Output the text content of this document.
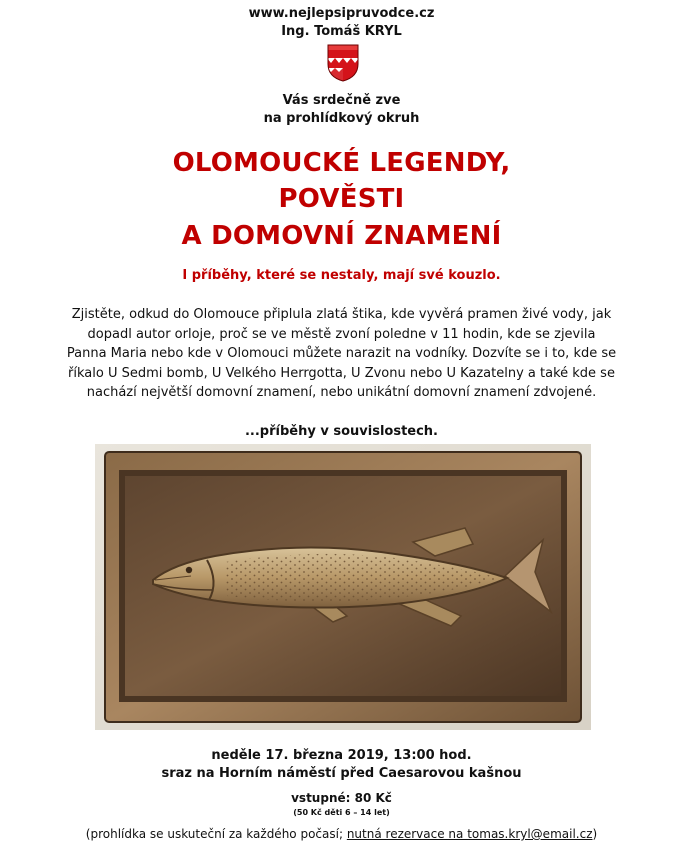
www.nejlepsipruvodce.cz
Ing. Tomáš KRYL
Vás srdečně zve
na prohlídkový okruh
OLOMOUCKÉ LEGENDY,
POVĚSTI
A DOMOVNÍ ZNAMENÍ
I příběhy, které se nestaly, mají své kouzlo.

Zjistěte, odkud do Olomouce připlula zlatá štika, kde vyvěrá pramen živé vody, jak dopadl autor orloje, proč se ve městě zvoní poledne v 11 hodin, kde se zjevila Panna Maria nebo kde v Olomouci můžete narazit na vodníky. Dozvíte se i to, kde se říkalo U Sedmi bomb, U Velkého Herrgotta, U Zvonu nebo U Kazatelny a také kde se nachází největší domovní znamení, nebo unikátní domovní znamení zdvojené.

...příběhy v souvislostech.
neděle 17. března 2019, 13:00 hod.
sraz na Horním náměstí před Caesarovou kašnou
vstupné: 80 Kč
(50 Kč děti 6 – 14 let)
(prohlídka se uskuteční za každého počasí; nutná rezervace na tomas.kryl@email.cz)
